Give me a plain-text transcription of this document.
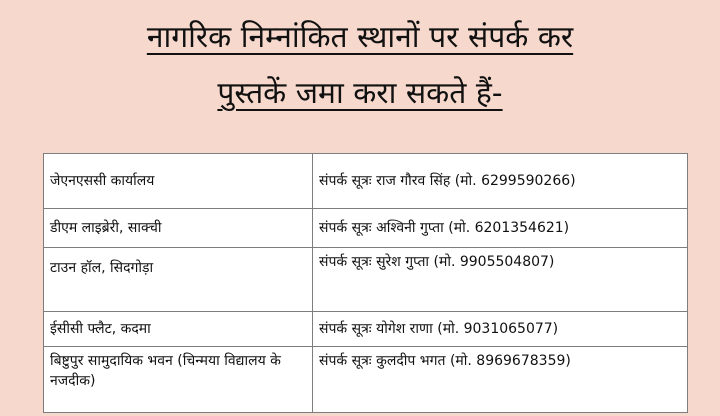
नागरिक निम्नांकित स्थानों पर संपर्क कर
पुस्तकें जमा करा सकते हैं-
जेएनएससी कार्यालय	संपर्क सूत्रः राज गौरव सिंह (मो. 6299590266)
डीएम लाइब्रेरी, साक्ची	संपर्क सूत्रः अश्विनी गुप्ता (मो. 6201354621)
टाउन हॉल, सिदगोड़ा	संपर्क सूत्रः सुरेश गुप्ता (मो. 9905504807)
ईसीसी फ्लैट, कदमा	संपर्क सूत्रः योगेश राणा (मो. 9031065077)
बिष्टुपुर सामुदायिक भवन (चिन्मया विद्यालय के नजदीक)	संपर्क सूत्रः कुलदीप भगत (मो. 8969678359)
